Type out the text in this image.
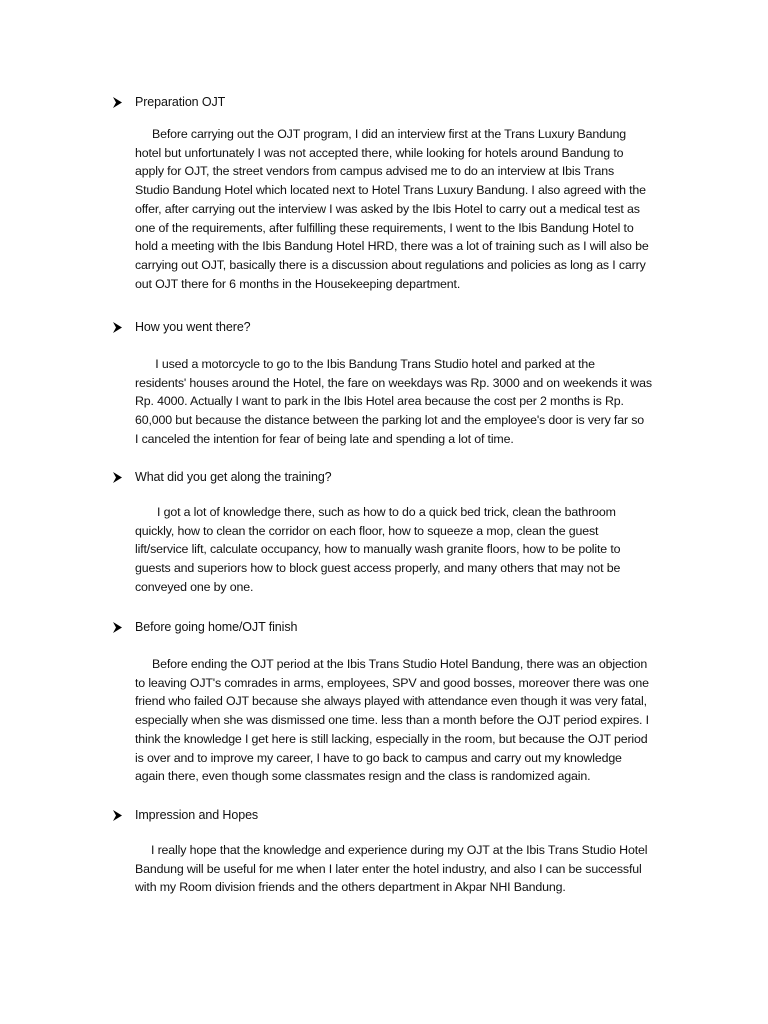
Preparation OJT
Before carrying out the OJT program, I did an interview first at the Trans Luxury Bandung
hotel but unfortunately I was not accepted there, while looking for hotels around Bandung to
apply for OJT, the street vendors from campus advised me to do an interview at Ibis Trans
Studio Bandung Hotel which located next to Hotel Trans Luxury Bandung. I also agreed with the
offer, after carrying out the interview I was asked by the Ibis Hotel to carry out a medical test as
one of the requirements, after fulfilling these requirements, I went to the Ibis Bandung Hotel to
hold a meeting with the Ibis Bandung Hotel HRD, there was a lot of training such as I will also be
carrying out OJT, basically there is a discussion about regulations and policies as long as I carry
out OJT there for 6 months in the Housekeeping department.
How you went there?
I used a motorcycle to go to the Ibis Bandung Trans Studio hotel and parked at the
residents' houses around the Hotel, the fare on weekdays was Rp. 3000 and on weekends it was
Rp. 4000. Actually I want to park in the Ibis Hotel area because the cost per 2 months is Rp.
60,000 but because the distance between the parking lot and the employee's door is very far so
I canceled the intention for fear of being late and spending a lot of time.
What did you get along the training?
I got a lot of knowledge there, such as how to do a quick bed trick, clean the bathroom
quickly, how to clean the corridor on each floor, how to squeeze a mop, clean the guest
lift/service lift, calculate occupancy, how to manually wash granite floors, how to be polite to
guests and superiors how to block guest access properly, and many others that may not be
conveyed one by one.
Before going home/OJT finish
Before ending the OJT period at the Ibis Trans Studio Hotel Bandung, there was an objection
to leaving OJT's comrades in arms, employees, SPV and good bosses, moreover there was one
friend who failed OJT because she always played with attendance even though it was very fatal,
especially when she was dismissed one time. less than a month before the OJT period expires. I
think the knowledge I get here is still lacking, especially in the room, but because the OJT period
is over and to improve my career, I have to go back to campus and carry out my knowledge
again there, even though some classmates resign and the class is randomized again.
Impression and Hopes
I really hope that the knowledge and experience during my OJT at the Ibis Trans Studio Hotel
Bandung will be useful for me when I later enter the hotel industry, and also I can be successful
with my Room division friends and the others department in Akpar NHI Bandung.
